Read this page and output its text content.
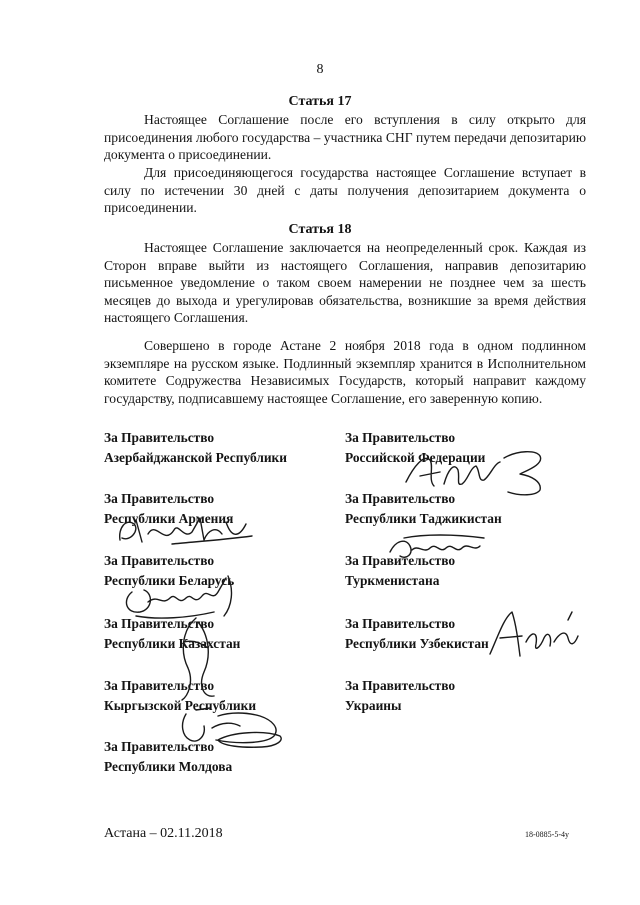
8
Статья 17

Настоящее Соглашение после его вступления в силу открыто для присоединения любого государства – участника СНГ путем передачи депозитарию документа о присоединении.

Для присоединяющегося государства настоящее Соглашение вступает в силу по истечении 30 дней с даты получения депозитарием документа о присоединении.

Статья 18

Настоящее Соглашение заключается на неопределенный срок. Каждая из Сторон вправе выйти из настоящего Соглашения, направив депозитарию письменное уведомление о таком своем намерении не позднее чем за шесть месяцев до выхода и урегулировав обязательства, возникшие за время действия настоящего Соглашения.

Совершено в городе Астане 2 ноября 2018 года в одном подлинном экземпляре на русском языке. Подлинный экземпляр хранится в Исполнительном комитете Содружества Независимых Государств, который направит каждому государству, подписавшему настоящее Соглашение, его заверенную копию.

За Правительство
Азербайджанской Республики
За Правительство
Республики Армения
За Правительство
Республики Беларусь
За Правительство
Республики Казахстан
За Правительство
Кыргызской Республики
За Правительство
Республики Молдова
За Правительство
Российской Федерации
За Правительство
Республики Таджикистан
За Правительство
Туркменистана
За Правительство
Республики Узбекистан
За Правительство
Украины
Астана – 02.11.2018	18-0885-5-4у
